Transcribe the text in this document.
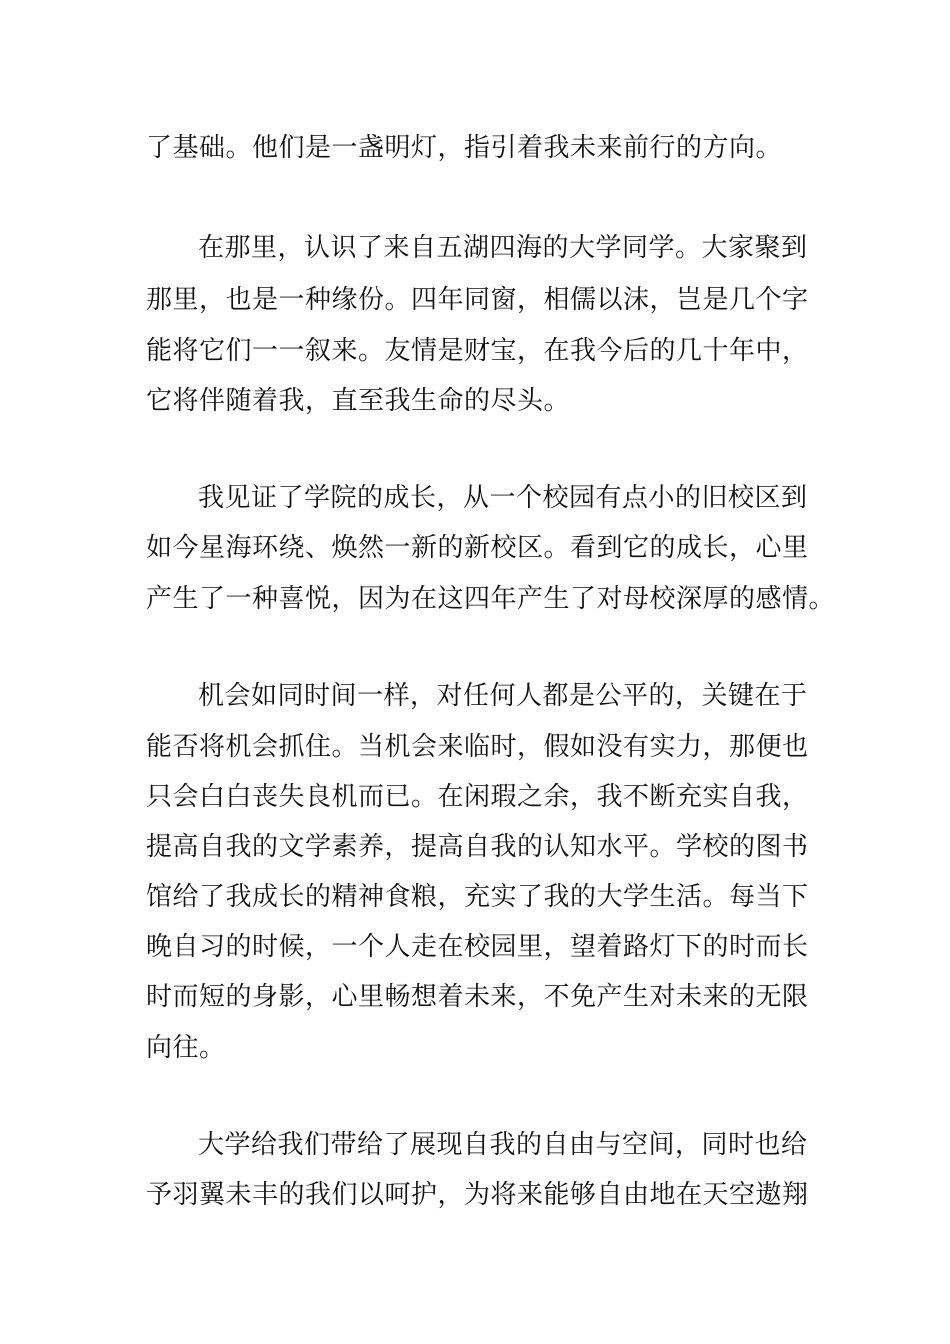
了基础。他们是一盏明灯，指引着我未来前行的方向。

在那里，认识了来自五湖四海的大学同学。大家聚到

那里，也是一种缘份。四年同窗，相儒以沫，岂是几个字

能将它们一一叙来。友情是财宝，在我今后的几十年中，

它将伴随着我，直至我生命的尽头。

我见证了学院的成长，从一个校园有点小的旧校区到

如今星海环绕、焕然一新的新校区。看到它的成长，心里

产生了一种喜悦，因为在这四年产生了对母校深厚的感情。

机会如同时间一样，对任何人都是公平的，关键在于

能否将机会抓住。当机会来临时，假如没有实力，那便也

只会白白丧失良机而已。在闲瑕之余，我不断充实自我，

提高自我的文学素养，提高自我的认知水平。学校的图书

馆给了我成长的精神食粮，充实了我的大学生活。每当下

晚自习的时候，一个人走在校园里，望着路灯下的时而长

时而短的身影，心里畅想着未来，不免产生对未来的无限

向往。

大学给我们带给了展现自我的自由与空间，同时也给

予羽翼未丰的我们以呵护，为将来能够自由地在天空遨翔
